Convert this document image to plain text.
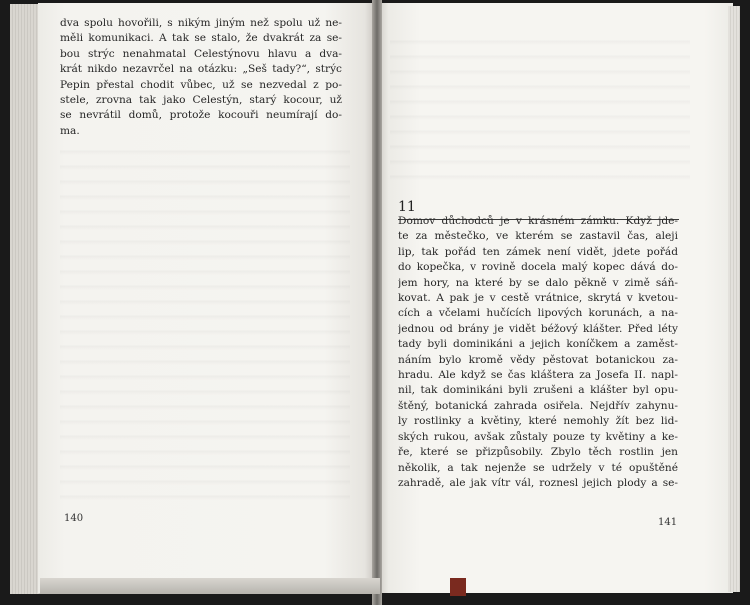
dva spolu hovořili, s nikým jiným než spolu už ne-
měli komunikaci. A tak se stalo, že dvakrát za se-
bou strýc nenahmatal Celestýnovu hlavu a dva-
krát nikdo nezavrčel na otázku: „Seš tady?“, strýc
Pepin přestal chodit vůbec, už se nezvedal z po-
stele, zrovna tak jako Celestýn, starý kocour, už
se nevrátil domů, protože kocouři neumírají do-
ma.
140
11
Domov důchodců je v krásném zámku. Když jde-
te za městečko, ve kterém se zastavil čas, aleji
lip, tak pořád ten zámek není vidět, jdete pořád
do kopečka, v rovině docela malý kopec dává do-
jem hory, na které by se dalo pěkně v zimě sáň-
kovat. A pak je v cestě vrátnice, skrytá v kvetou-
cích a včelami hučících lipových korunách, a na-
jednou od brány je vidět béžový klášter. Před léty
tady byli dominikáni a jejich koníčkem a zaměst-
náním bylo kromě vědy pěstovat botanickou za-
hradu. Ale když se čas kláštera za Josefa II. napl-
nil, tak dominikáni byli zrušeni a klášter byl opu-
štěný, botanická zahrada osiřela. Nejdřív zahynu-
ly rostlinky a květiny, které nemohly žít bez lid-
ských rukou, avšak zůstaly pouze ty květiny a ke-
ře, které se přizpůsobily. Zbylo těch rostlin jen
několik, a tak nejenže se udržely v té opuštěné
zahradě, ale jak vítr vál, roznesl jejich plody a se-
141
